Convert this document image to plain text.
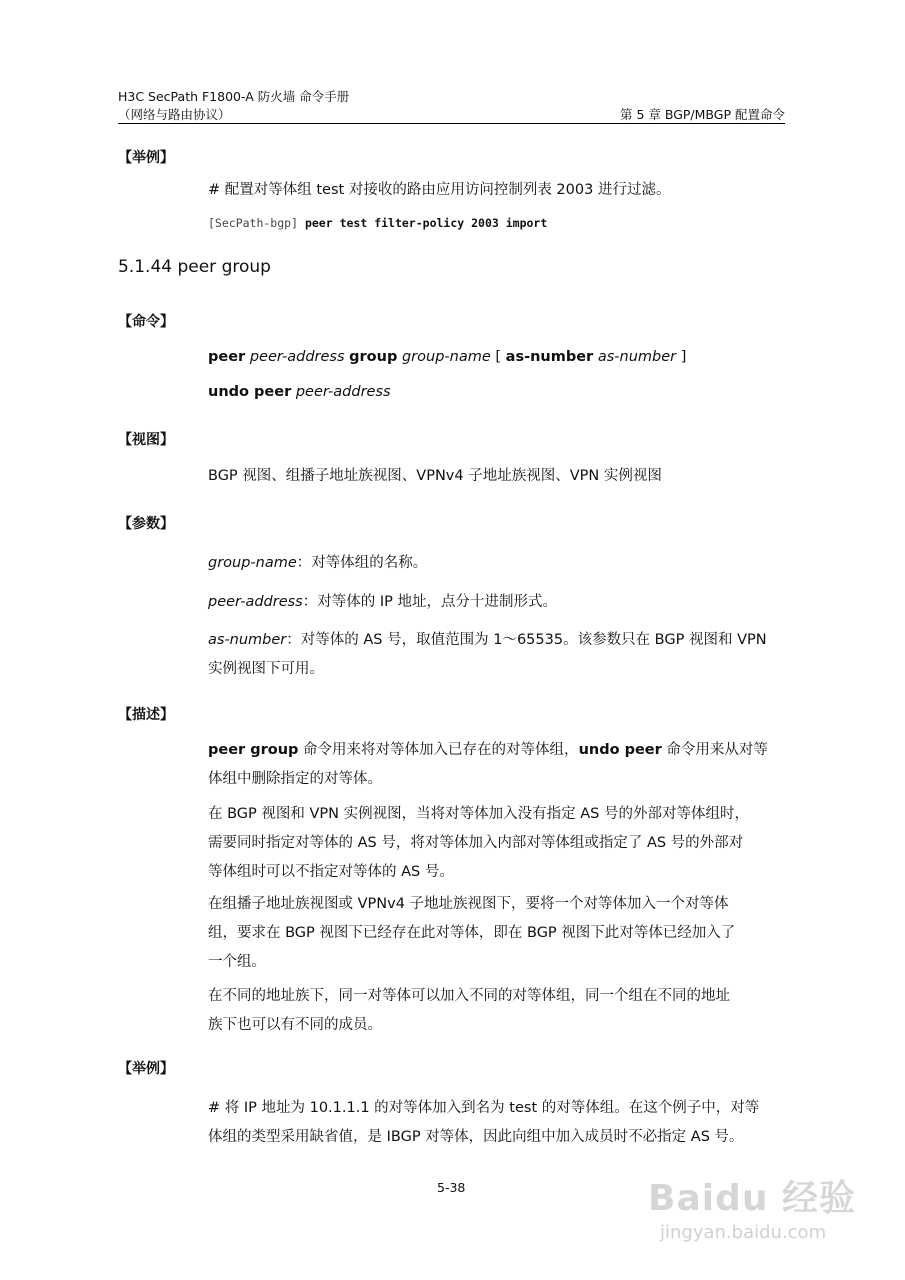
H3C SecPath F1800-A 防火墙 命令手册
（网络与路由协议）	第 5 章 BGP/MBGP 配置命令
【举例】
# 配置对等体组 test 对接收的路由应用访问控制列表 2003 进行过滤。
[SecPath-bgp] peer test filter-policy 2003 import
5.1.44 peer group
【命令】
peer peer-address group group-name [ as-number as-number ]
undo peer peer-address
【视图】
BGP 视图、组播子地址族视图、VPNv4 子地址族视图、VPN 实例视图
【参数】
group-name：对等体组的名称。
peer-address：对等体的 IP 地址，点分十进制形式。
as-number：对等体的 AS 号，取值范围为 1～65535。该参数只在 BGP 视图和 VPN
实例视图下可用。
【描述】
peer group 命令用来将对等体加入已存在的对等体组，undo peer 命令用来从对等
体组中删除指定的对等体。
在 BGP 视图和 VPN 实例视图，当将对等体加入没有指定 AS 号的外部对等体组时，
需要同时指定对等体的 AS 号，将对等体加入内部对等体组或指定了 AS 号的外部对
等体组时可以不指定对等体的 AS 号。
在组播子地址族视图或 VPNv4 子地址族视图下，要将一个对等体加入一个对等体
组，要求在 BGP 视图下已经存在此对等体，即在 BGP 视图下此对等体已经加入了
一个组。
在不同的地址族下，同一对等体可以加入不同的对等体组，同一个组在不同的地址
族下也可以有不同的成员。
【举例】
# 将 IP 地址为 10.1.1.1 的对等体加入到名为 test 的对等体组。在这个例子中，对等
体组的类型采用缺省值，是 IBGP 对等体，因此向组中加入成员时不必指定 AS 号。
5-38	Baidu 经验
jingyan.baidu.com
